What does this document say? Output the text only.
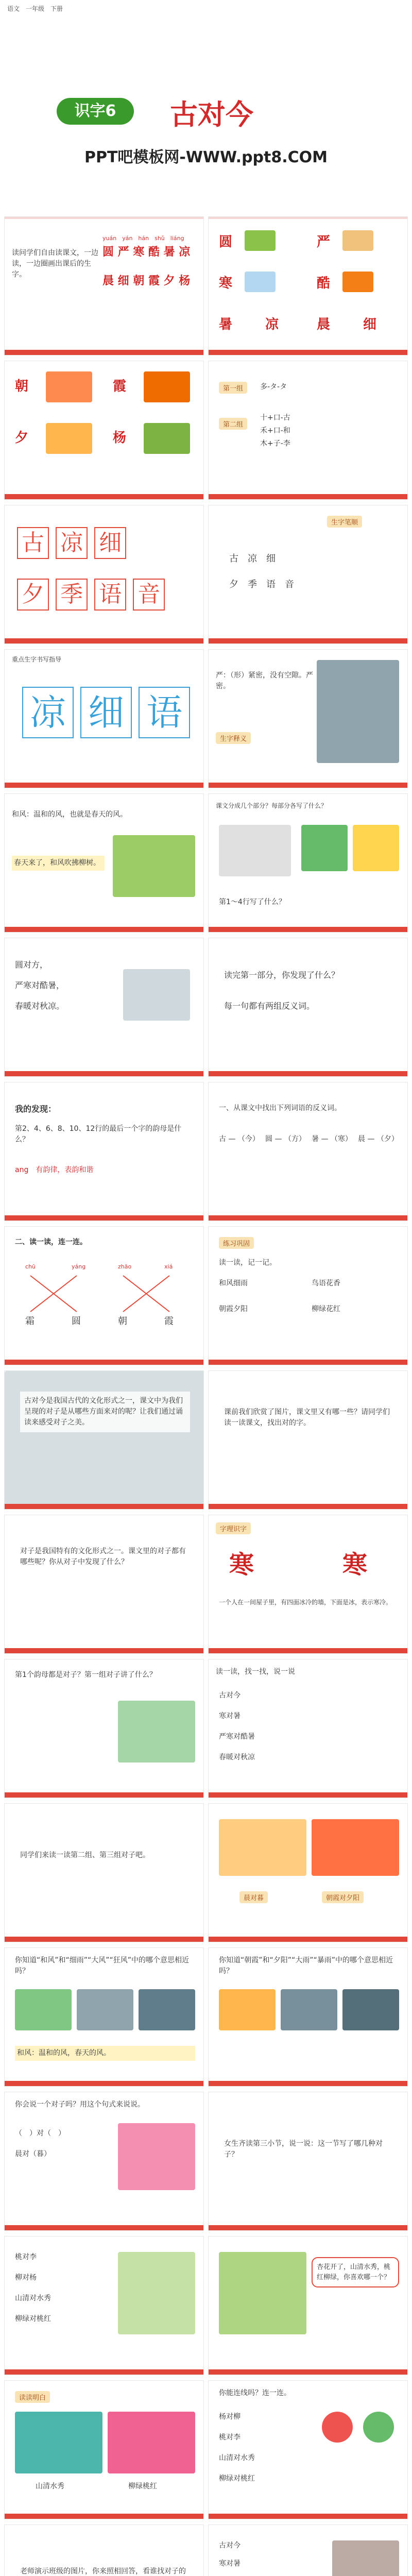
语文　一年级　下册
识字6	古对今
PPT吧模板网-WWW.ppt8.COM
读问学们自由读课文，一边读，一边圈画出课后的生字。
yuán　yán　hán　shǔ　liáng
圆 严 寒 酷 暑 凉
晨 细 朝 霞 夕 杨
圆	严
寒	酷
暑 凉	晨 细
朝	霞
夕	杨
第一组	多-タ-タ
第二组
十+口-古
禾+口-和
木+子-李
古 凉 细
夕 季 语 音
生字笔顺
古　凉　细
夕　季　语　音
重点生字书写指导
凉 细 语
严：（形）紧密，没有空隙。严密。
生字释义
和风：温和的风，也就是春天的风。
春天来了，和风吹拂柳树。
课文分成几个部分？每部分各写了什么？
第1～4行写了什么？
圆对方，
严寒对酷暑，
春暖对秋凉。
读完第一部分，你发现了什么？
每一句都有两组反义词。
我的发现：
第2、4、6、8、10、12行的最后一个字的韵母是什么？
ang　有韵律，表韵和谐
一、从课文中找出下列词语的反义词。
古 — （今） 圆 — （方） 暑 — （寒） 晨 — （夕）
二、读一读，连一连。
chū	yáng	zhāo	xiá
霜	圆	朝	霞
练习巩固
读一读，记一记。
和风细雨	鸟语花香
朝霞夕阳	柳绿花红
古对今是我国古代的文化形式之一，课文中为我们呈现的对子是从哪些方面来对的呢？让我们通过诵读来感受对子之美。
课前我们欣赏了图片，课文里又有哪一些？请同学们读一读课文，找出对的字。
对子是我国特有的文化形式之一。课文里的对子都有哪些呢？你从对子中发现了什么？
字理识字
寒	寒
一个人在一间屋子里，有四面冰冷的墙，下面是冰，表示寒冷。
第1个韵母都是对子？第一组对子讲了什么？	读一读，找一找，说一说
古对今
寒对暑
严寒对酷暑
春暖对秋凉
同学们来读一读第二组、第三组对子吧。
晨对暮	朝霞对夕阳
你知道“和风”和“细雨”“大风”“狂风”中的哪个意思相近吗？
和风：温和的风，春天的风。
你知道“朝霞”和“夕阳”“大雨”“暴雨”中的哪个意思相近吗？
你会说一个对子吗？用这个句式来说说。
（　）对（　）
晨对（暮）
女生齐读第三小节，说一说：这一节写了哪几种对子？
桃对李
柳对杨
山清对水秀
柳绿对桃红
杏花开了，山清水秀，桃红柳绿，你喜欢哪一个？
读读明白
山清水秀	柳绿桃红
你能连线吗？连一连。
杨对柳
桃对李
山清对水秀
柳绿对桃红
老师演示班级的图片，你来照相回答，看谁找对子的
古对今
寒对暑
